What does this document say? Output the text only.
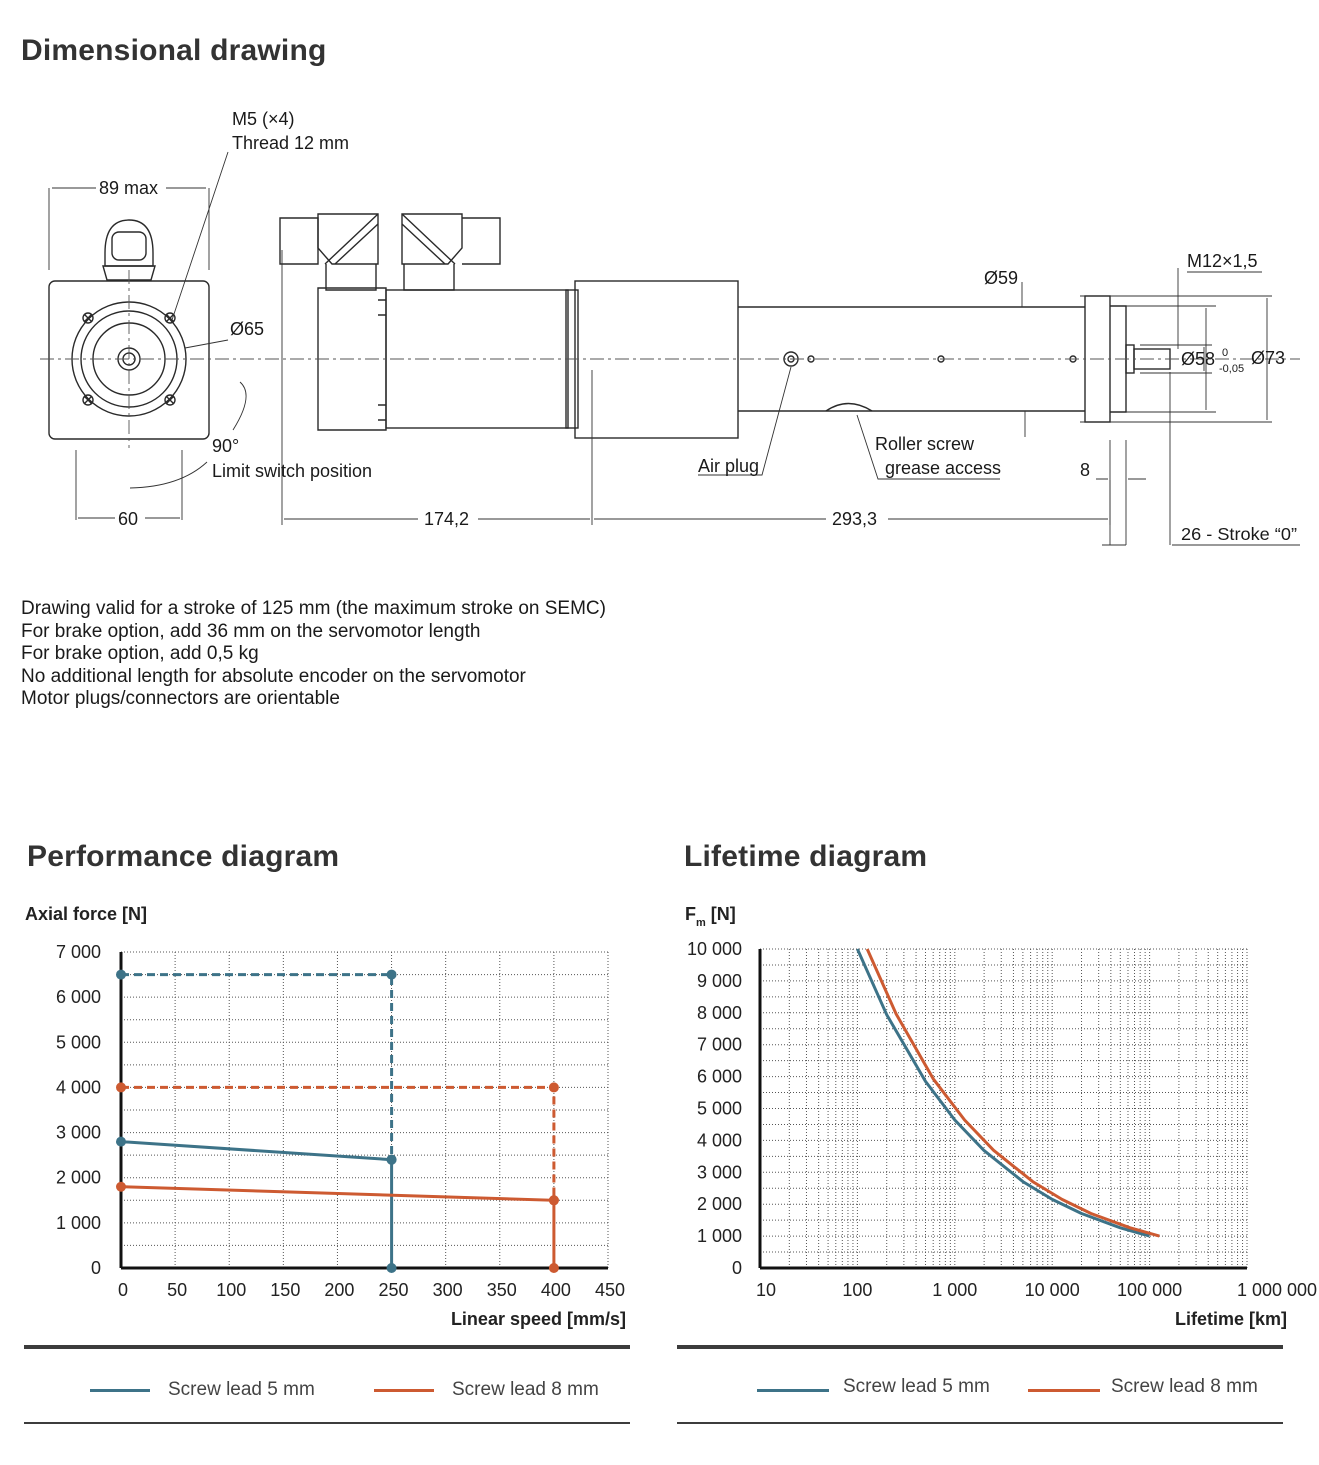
Dimensional drawing
Performance diagram	Lifetime diagram
M5 (×4)
Thread 12 mm
89 max
Ø65
90°
Limit switch position
60	174,2	293,3
Ø59
M12×1,5
Ø58 0
-0,05
Ø73
Air plug
Roller screw
grease access	8
26 - Stroke “0”
Drawing valid for a stroke of 125 mm (the maximum stroke on SEMC)
For brake option, add 36 mm on the servomotor length
For brake option, add 0,5 kg
No additional length for absolute encoder on the servomotor
Motor plugs/connectors are orientable
0
1 000
2 000
3 000
4 000
5 000
6 000
7 000
0 50 100 150 200 250 300 350 400 450
Axial force [N]
Linear speed [mm/s]
0
1 000
2 000
3 000
4 000
5 000
6 000
7 000
8 000
9 000
10 000
10	100	1 000	10 000 100 000	1 000 000
$F_m$ [N]
Lifetime [km]
Screw lead 5 mm	Screw lead 8 mm	Screw lead 5 mm	Screw lead 8 mm
